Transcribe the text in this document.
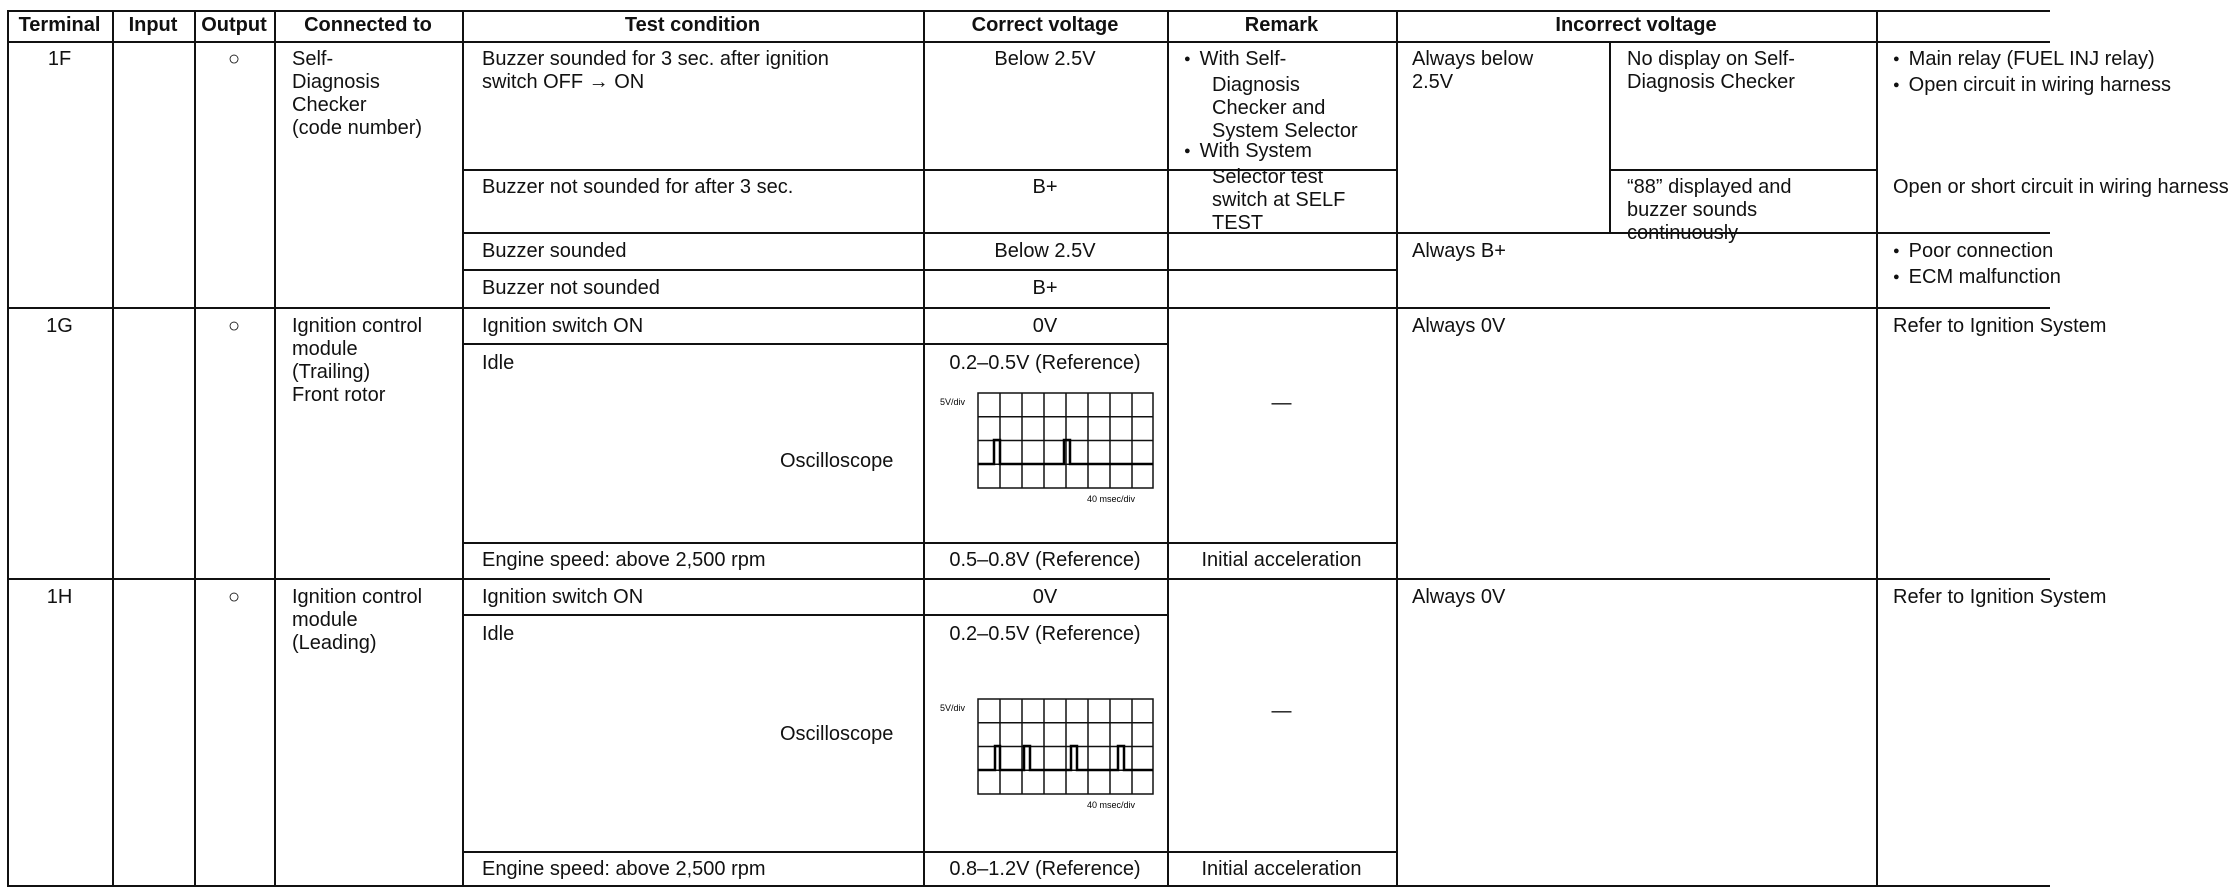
Terminal	Input	Output	Connected to	Test condition	Correct voltage	Remark	Incorrect voltage
1F	○	Self-
Diagnosis
Checker
(code number)
Buzzer sounded for 3 sec. after ignition
switch OFF → ON
Below 2.5V
Buzzer not sounded for after 3 sec.	B+
Buzzer sounded	Below 2.5V
Buzzer not sounded	B+
● With Self-
Diagnosis
Checker and
System Selector
● With System
Selector test
switch at SELF
TEST
Always below
2.5V
No display on Self-
Diagnosis Checker
● Main relay (FUEL INJ relay)
● Open circuit in wiring harness
“88” displayed and
buzzer sounds
continuously
Open or short circuit in wiring harness
Always B+
●	Poor connection
● ECM malfunction
1G	○	Ignition control
module
(Trailing)
Front rotor
Ignition switch ON	0V
Idle	0.2–0.5V (Reference)
Oscilloscope
5V/div
40 msec/div
—
Engine speed: above 2,500 rpm	0.5–0.8V (Reference)	Initial acceleration
Always 0V	Refer to Ignition System
1H	○	Ignition control
module
(Leading)
Ignition switch ON	0V
Idle	0.2–0.5V (Reference)
Oscilloscope
5V/div
40 msec/div
—
Engine speed: above 2,500 rpm	0.8–1.2V (Reference)	Initial acceleration
Always 0V	Refer to Ignition System
